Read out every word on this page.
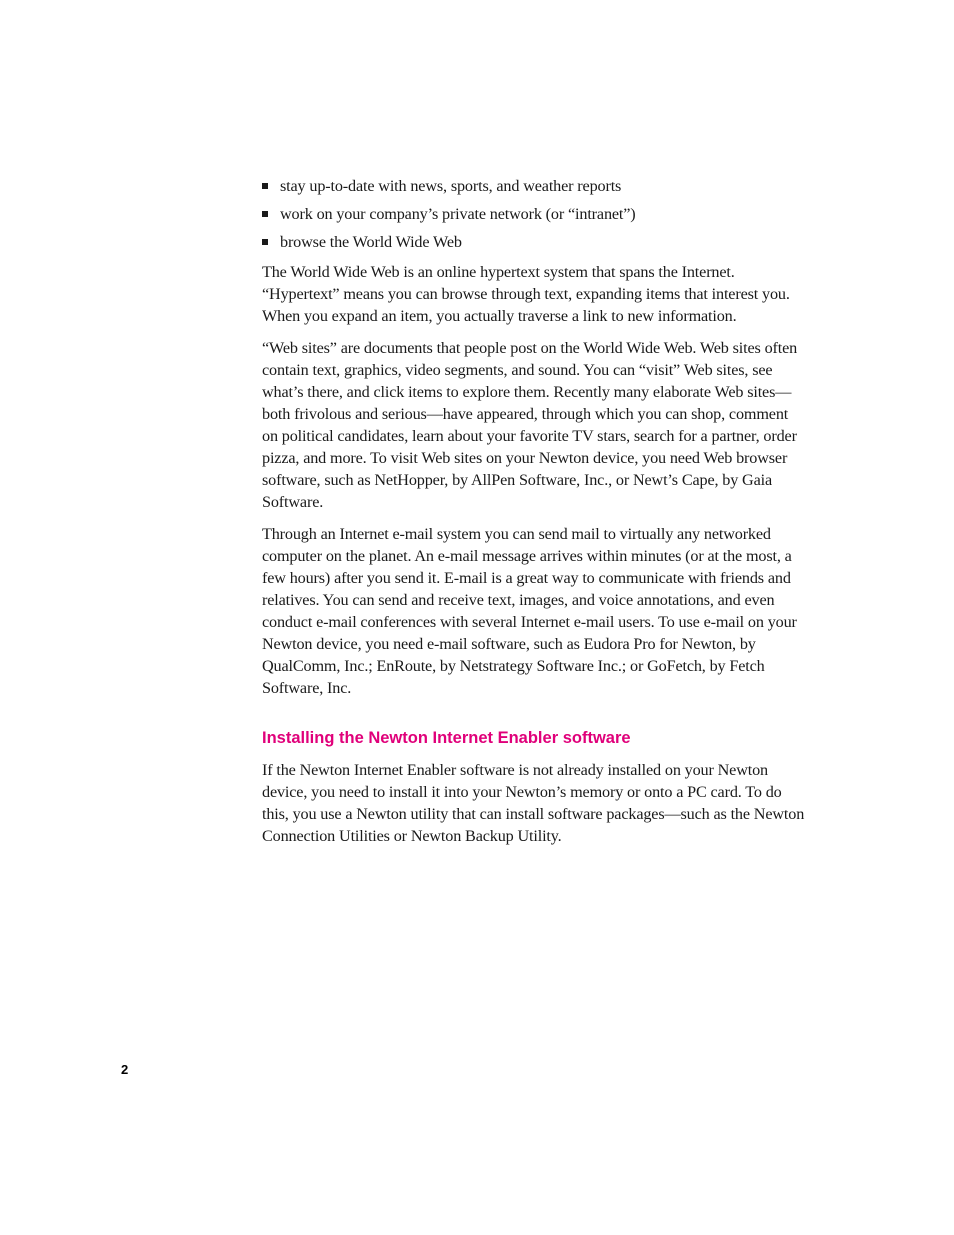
stay up-to-date with news, sports, and weather reports
work on your company’s private network (or “intranet”)
browse the World Wide Web

The World Wide Web is an online hypertext system that spans the Internet. “Hypertext” means you can browse through text, expanding items that interest you. When you expand an item, you actually traverse a link to new information.

“Web sites” are documents that people post on the World Wide Web. Web sites often contain text, graphics, video segments, and sound. You can “visit” Web sites, see what’s there, and click items to explore them. Recently many elaborate Web sites—both frivolous and serious—have appeared, through which you can shop, comment on political candidates, learn about your favorite TV stars, search for a partner, order pizza, and more. To visit Web sites on your Newton device, you need Web browser software, such as NetHopper, by AllPen Software, Inc., or Newt’s Cape, by Gaia Software.

Through an Internet e-mail system you can send mail to virtually any networked computer on the planet. An e-mail message arrives within minutes (or at the most, a few hours) after you send it. E-mail is a great way to communicate with friends and relatives. You can send and receive text, images, and voice annotations, and even conduct e-mail conferences with several Internet e-mail users. To use e-mail on your Newton device, you need e-mail software, such as Eudora Pro for Newton, by QualComm, Inc.; EnRoute, by Netstrategy Software Inc.; or GoFetch, by Fetch Software, Inc.

Installing the Newton Internet Enabler software

If the Newton Internet Enabler software is not already installed on your Newton device, you need to install it into your Newton’s memory or onto a PC card. To do this, you use a Newton utility that can install software packages—such as the Newton Connection Utilities or Newton Backup Utility.

2
